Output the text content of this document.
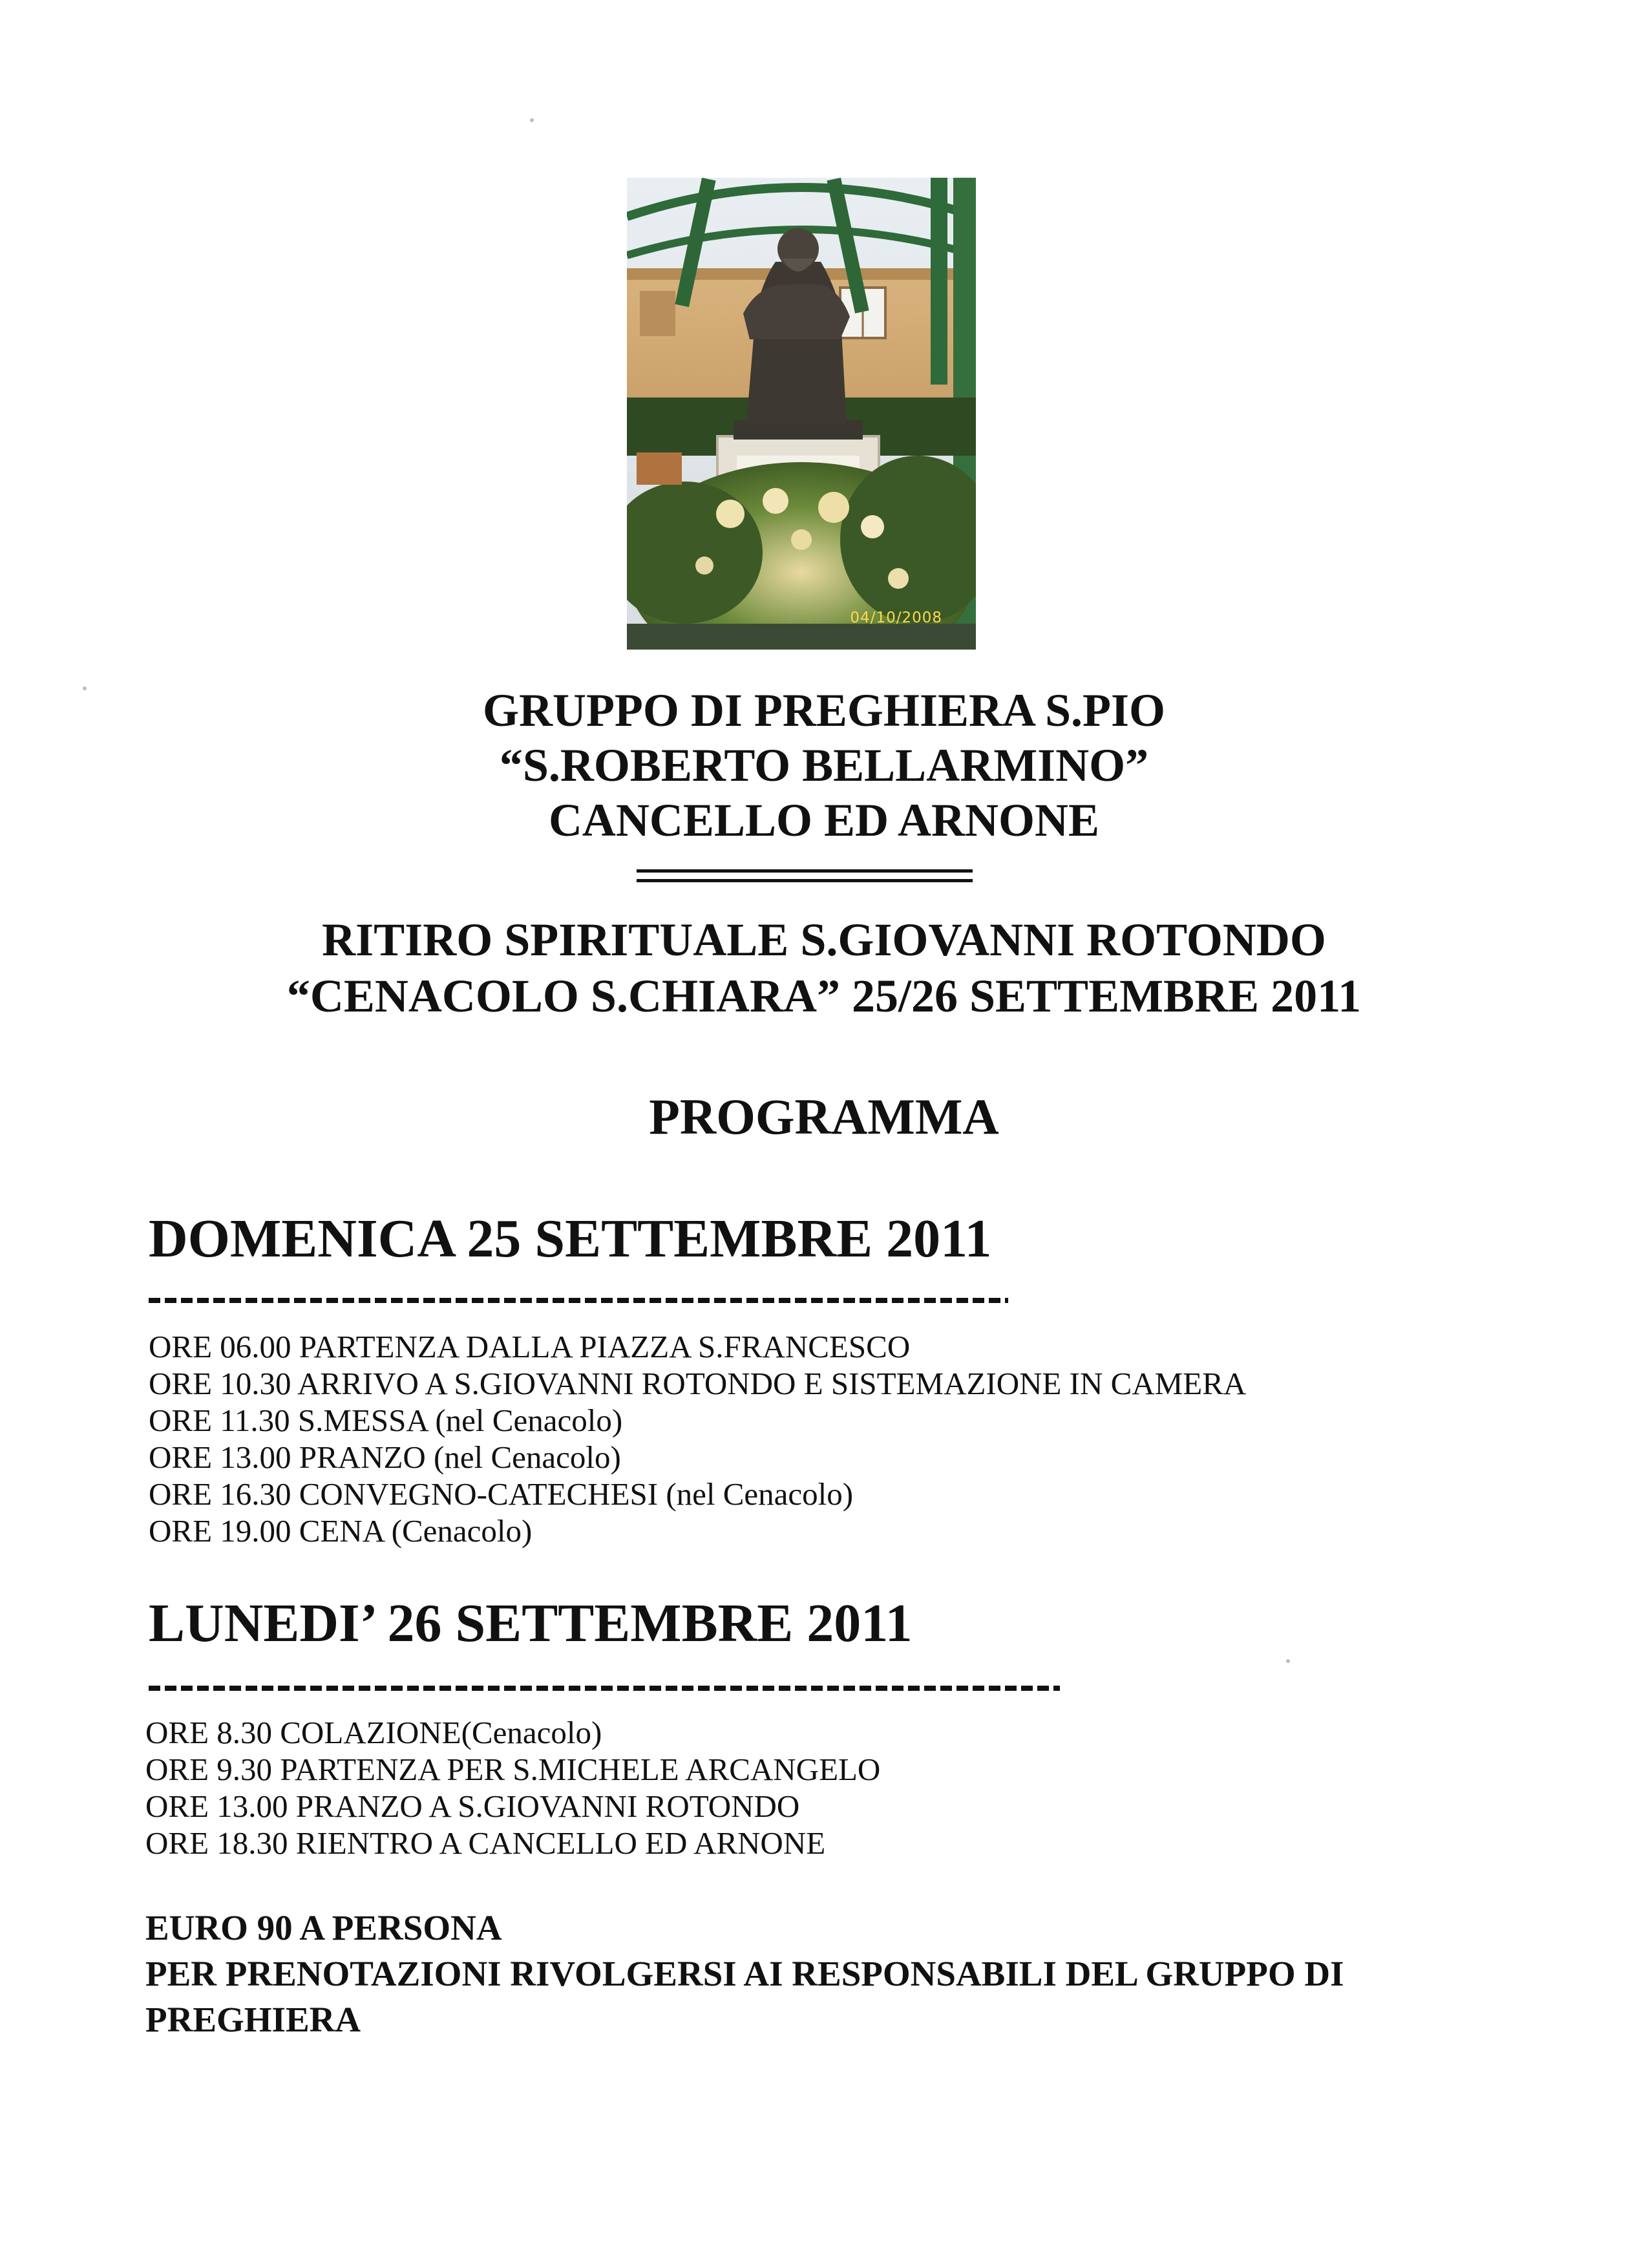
04/10/2008
GRUPPO DI PREGHIERA S.PIO
“S.ROBERTO BELLARMINO”
CANCELLO ED ARNONE
RITIRO SPIRITUALE S.GIOVANNI ROTONDO
“CENACOLO S.CHIARA” 25/26 SETTEMBRE 2011
PROGRAMMA
DOMENICA 25 SETTEMBRE 2011
ORE 06.00 PARTENZA DALLA PIAZZA S.FRANCESCO
ORE 10.30 ARRIVO A S.GIOVANNI ROTONDO E SISTEMAZIONE IN CAMERA
ORE 11.30 S.MESSA (nel Cenacolo)
ORE 13.00 PRANZO (nel Cenacolo)
ORE 16.30 CONVEGNO-CATECHESI (nel Cenacolo)
ORE 19.00 CENA (Cenacolo)
LUNEDI’ 26 SETTEMBRE 2011
ORE 8.30 COLAZIONE(Cenacolo)
ORE 9.30 PARTENZA PER S.MICHELE ARCANGELO
ORE 13.00 PRANZO A S.GIOVANNI ROTONDO
ORE 18.30 RIENTRO A CANCELLO ED ARNONE
EURO 90 A PERSONA
PER PRENOTAZIONI RIVOLGERSI AI RESPONSABILI DEL GRUPPO DI
PREGHIERA
